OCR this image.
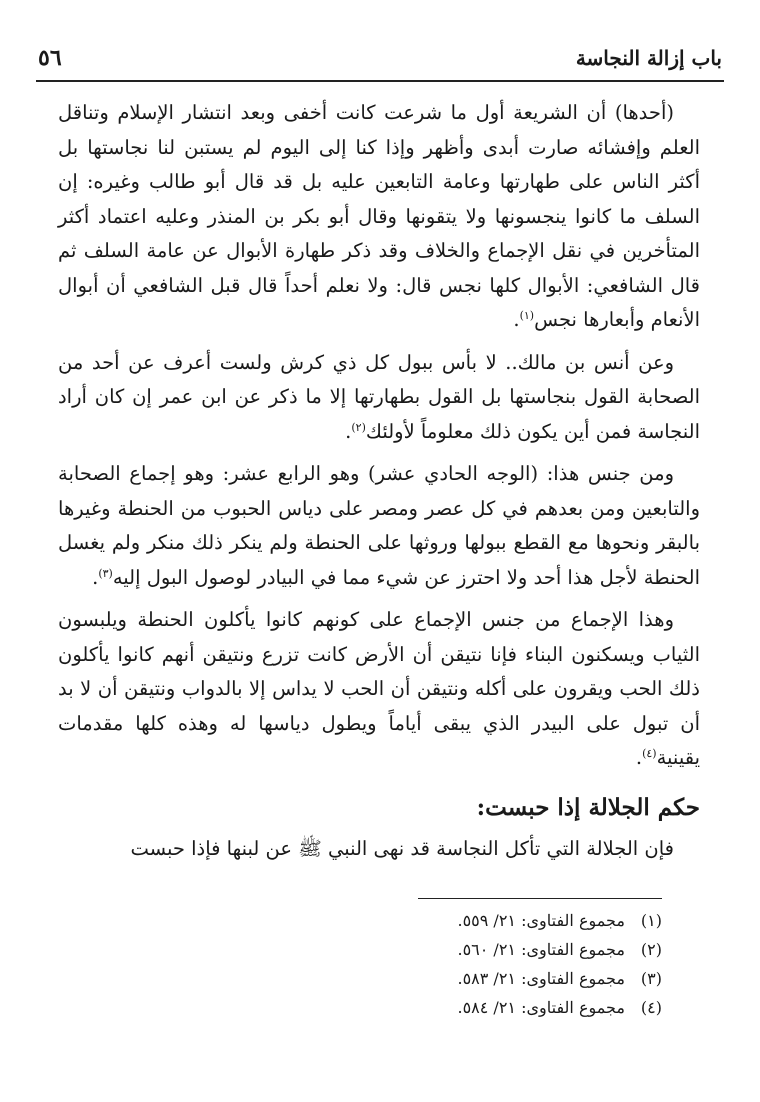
باب إزالة النجاسة
٥٦

(أحدها) أن الشريعة أول ما شرعت كانت أخفى وبعد انتشار الإسلام وتناقل العلم وإفشائه صارت أبدى وأظهر وإذا كنا إلى اليوم لم يستبن لنا نجاستها بل أكثر الناس على طهارتها وعامة التابعين عليه بل قد قال أبو طالب وغيره: إن السلف ما كانوا ينجسونها ولا يتقونها وقال أبو بكر بن المنذر وعليه اعتماد أكثر المتأخرين في نقل الإجماع والخلاف وقد ذكر طهارة الأبوال عن عامة السلف ثم قال الشافعي: الأبوال كلها نجس قال: ولا نعلم أحداً قال قبل الشافعي أن أبوال الأنعام وأبعارها نجس$^{(١)}$.

وعن أنس بن مالك.. لا بأس ببول كل ذي كرش ولست أعرف عن أحد من الصحابة القول بنجاستها بل القول بطهارتها إلا ما ذكر عن ابن عمر إن كان أراد النجاسة فمن أين يكون ذلك معلوماً لأولئك$^{(٢)}$.

ومن جنس هذا: (الوجه الحادي عشر) وهو الرابع عشر: وهو إجماع الصحابة والتابعين ومن بعدهم في كل عصر ومصر على دياس الحبوب من الحنطة وغيرها بالبقر ونحوها مع القطع ببولها وروثها على الحنطة ولم ينكر ذلك منكر ولم يغسل الحنطة لأجل هذا أحد ولا احترز عن شيء مما في البيادر لوصول البول إليه$^{(٣)}$.

وهذا الإجماع من جنس الإجماع على كونهم كانوا يأكلون الحنطة ويلبسون الثياب ويسكنون البناء فإنا نتيقن أن الأرض كانت تزرع ونتيقن أنهم كانوا يأكلون ذلك الحب ويقرون على أكله ونتيقن أن الحب لا يداس إلا بالدواب ونتيقن أن لا بد أن تبول على البيدر الذي يبقى أياماً ويطول دياسها له وهذه كلها مقدمات يقينية$^{(٤)}$.

حكم الجلالة إذا حبست:

فإن الجلالة التي تأكل النجاسة قد نهى النبي ﷺ عن لبنها فإذا حبست

(١) مجموع الفتاوى: ٢١/ ٥٥٩.
(٢) مجموع الفتاوى: ٢١/ ٥٦٠.
(٣) مجموع الفتاوى: ٢١/ ٥٨٣.
(٤) مجموع الفتاوى: ٢١/ ٥٨٤.
